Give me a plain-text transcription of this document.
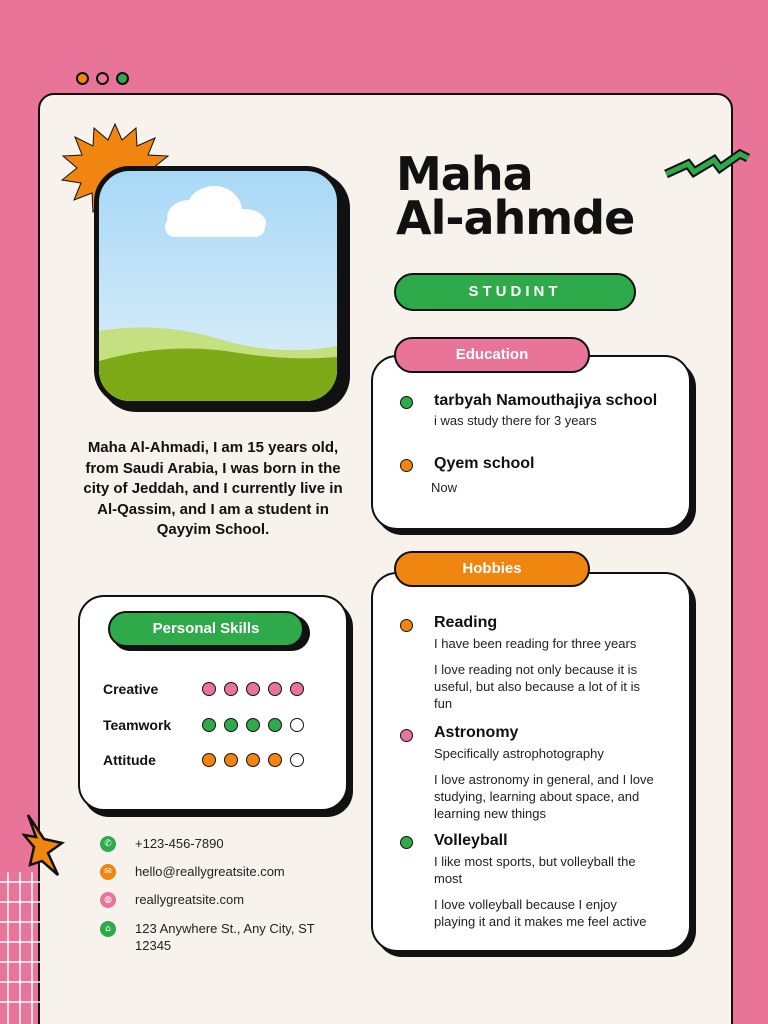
Maha
Al-ahmde
STUDINT
Education
tarbyah Namouthajiya school
i was study there for 3 years
Qyem school
Now
Maha Al-Ahmadi, I am 15 years old, from Saudi Arabia, I was born in the city of Jeddah, and I currently live in Al-Qassim, and I am a student in Qayyim School.
Personal Skills
Creative
Teamwork
Attitude
Hobbies
Reading
I have been reading for three years
I love reading not only because it is useful, but also because a lot of it is fun
Astronomy
Specifically astrophotography
I love astronomy in general, and I love studying, learning about space, and learning new things
Volleyball
I like most sports, but volleyball the most
I love volleyball because I enjoy playing it and it makes me feel active
✆	+123-456-7890
✉	hello@reallygreatsite.com
◍	reallygreatsite.com
⌂	123 Anywhere St., Any City, ST 12345
